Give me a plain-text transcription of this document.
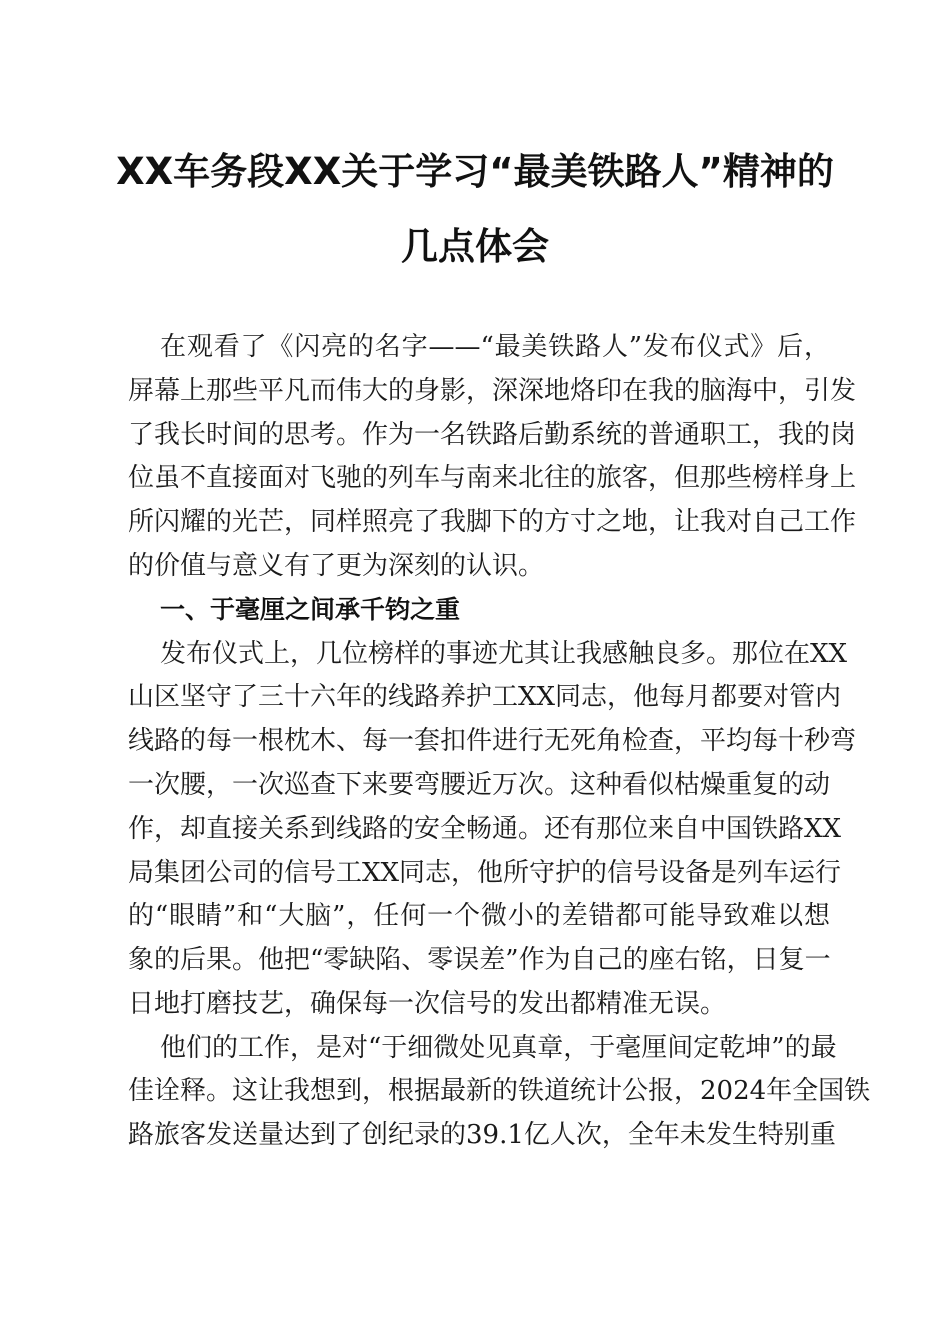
XX车务段XX关于学习“最美铁路人”精神的
几点体会
在观看了《闪亮的名字——“最美铁路人”发布仪式》后，
屏幕上那些平凡而伟大的身影，深深地烙印在我的脑海中，引发
了我长时间的思考。作为一名铁路后勤系统的普通职工，我的岗
位虽不直接面对飞驰的列车与南来北往的旅客，但那些榜样身上
所闪耀的光芒，同样照亮了我脚下的方寸之地，让我对自己工作
的价值与意义有了更为深刻的认识。
一、于毫厘之间承千钧之重
发布仪式上，几位榜样的事迹尤其让我感触良多。那位在XX
山区坚守了三十六年的线路养护工XX同志，他每月都要对管内
线路的每一根枕木、每一套扣件进行无死角检查，平均每十秒弯
一次腰，一次巡查下来要弯腰近万次。这种看似枯燥重复的动
作，却直接关系到线路的安全畅通。还有那位来自中国铁路XX
局集团公司的信号工XX同志，他所守护的信号设备是列车运行
的“眼睛”和“大脑”，任何一个微小的差错都可能导致难以想
象的后果。他把“零缺陷、零误差”作为自己的座右铭，日复一
日地打磨技艺，确保每一次信号的发出都精准无误。
他们的工作，是对“于细微处见真章，于毫厘间定乾坤”的最
佳诠释。这让我想到，根据最新的铁道统计公报，2024年全国铁
路旅客发送量达到了创纪录的39.1亿人次，全年未发生特别重
